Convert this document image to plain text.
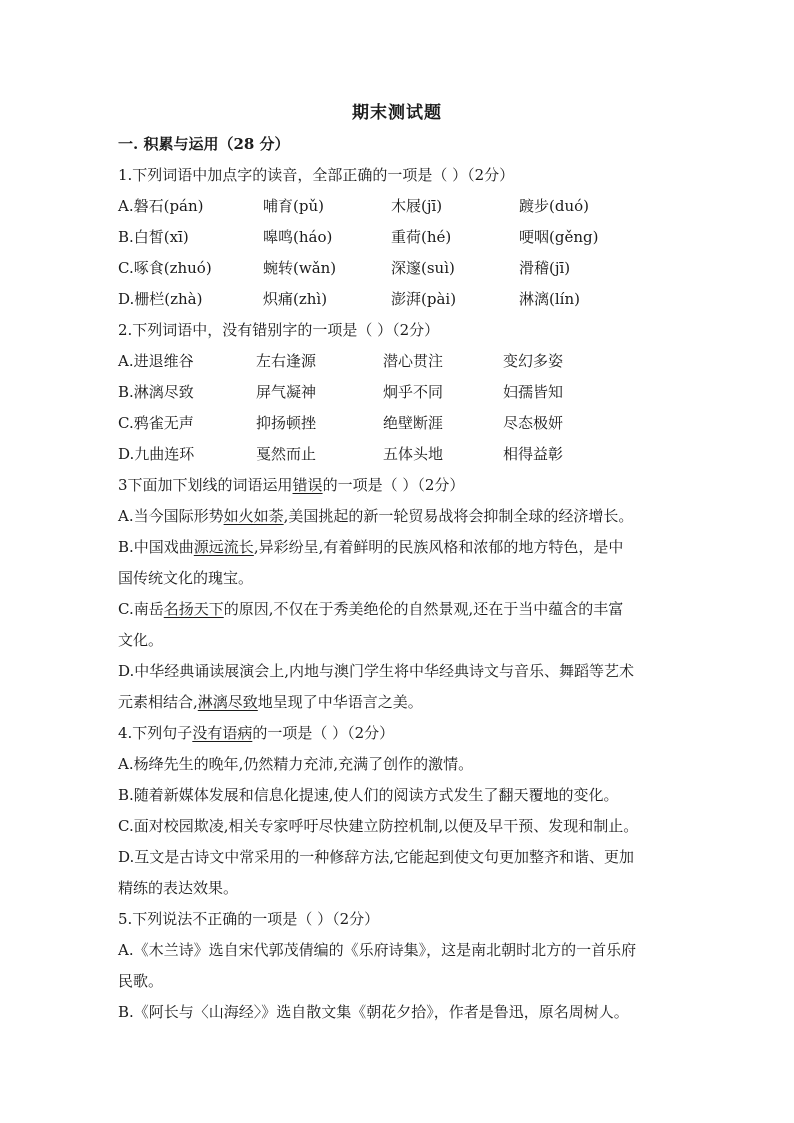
期末测试题
一. 积累与运用（28 分）
1.下列词语中加点字的读音，全部正确的一项是（ ）（2分）
A.磐石(pán)	哺育(pǔ)	木屐(jī)	踱步(duó)
B.白皙(xī)	嗥鸣(háo)	重荷(hé)	哽咽(gěng)
C.啄食(zhuó)	蜿转(wǎn)	深邃(suì)	滑稽(jī)
D.栅栏(zhà)	炽痛(zhì)	澎湃(pài)	淋漓(lín)
2.下列词语中，没有错别字的一项是（ ）（2分）
A.进退维谷	左右逢源	潜心贯注	变幻多姿
B.淋漓尽致	屏气凝神	炯乎不同	妇孺皆知
C.鸦雀无声	抑扬顿挫	绝壁断涯	尽态极妍
D.九曲连环	戛然而止	五体头地	相得益彰
3下面加下划线的词语运用错误的一项是（ ）（2分）
A.当今国际形势如火如荼,美国挑起的新一轮贸易战将会抑制全球的经济增长。
B.中国戏曲源远流长,异彩纷呈,有着鲜明的民族风格和浓郁的地方特色，是中
国传统文化的瑰宝。
C.南岳名扬天下的原因,不仅在于秀美绝伦的自然景观,还在于当中蕴含的丰富
文化。
D.中华经典诵读展演会上,内地与澳门学生将中华经典诗文与音乐、舞蹈等艺术
元素相结合,淋漓尽致地呈现了中华语言之美。
4.下列句子没有语病的一项是（ ）（2分）
A.杨绛先生的晚年,仍然精力充沛,充满了创作的激情。
B.随着新媒体发展和信息化提速,使人们的阅读方式发生了翻天覆地的变化。
C.面对校园欺凌,相关专家呼吁尽快建立防控机制,以便及早干预、发现和制止。
D.互文是古诗文中常采用的一种修辞方法,它能起到使文句更加整齐和谐、更加
精练的表达效果。
5.下列说法不正确的一项是（ ）（2分）
A.《木兰诗》选自宋代郭茂倩编的《乐府诗集》，这是南北朝时北方的一首乐府
民歌。
B.《阿长与〈山海经〉》选自散文集《朝花夕拾》，作者是鲁迅，原名周树人。
